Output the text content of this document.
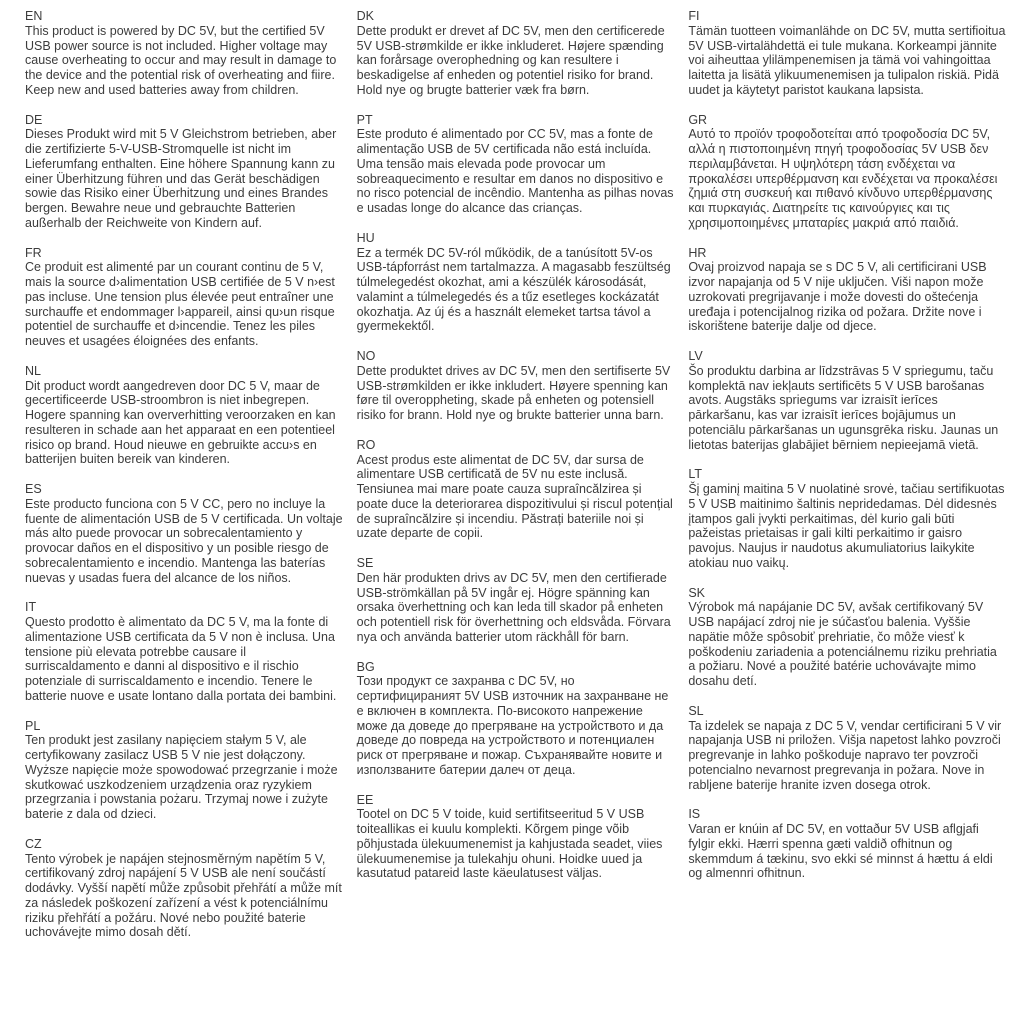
EN

This product is powered by DC 5V, but the certified 5V USB power source is not included. Higher voltage may cause overheating to occur and may result in damage to the device and the potential risk of overheating and fiire. Keep new and used batteries away from children.

DE

Dieses Produkt wird mit 5 V Gleichstrom betrieben, aber die zertifizierte 5-V-USB-Stromquelle ist nicht im Lieferumfang enthalten. Eine höhere Spannung kann zu einer Überhitzung führen und das Gerät beschädigen sowie das Risiko einer Überhitzung und eines Brandes bergen. Bewahre neue und gebrauchte Batterien außerhalb der Reichweite von Kindern auf.

FR

Ce produit est alimenté par un courant continu de 5 V, mais la source d›alimentation USB certifiée de 5 V n›est pas incluse. Une tension plus élevée peut entraîner une surchauffe et endommager l›appareil, ainsi qu›un risque potentiel de surchauffe et d›incendie. Tenez les piles neuves et usagées éloignées des enfants.

NL

Dit product wordt aangedreven door DC 5 V, maar de gecertificeerde USB-stroombron is niet inbegrepen. Hogere spanning kan oververhitting veroorzaken en kan resulteren in schade aan het apparaat en een potentieel risico op brand. Houd nieuwe en gebruikte accu›s en batterijen buiten bereik van kinderen.

ES

Este producto funciona con 5 V CC, pero no incluye la fuente de alimentación USB de 5 V certificada. Un voltaje más alto puede provocar un sobrecalentamiento y provocar daños en el dispositivo y un posible riesgo de sobrecalentamiento e incendio. Mantenga las baterías nuevas y usadas fuera del alcance de los niños.

IT

Questo prodotto è alimentato da DC 5 V, ma la fonte di alimentazione USB certificata da 5 V non è inclusa. Una tensione più elevata potrebbe causare il surriscaldamento e danni al dispositivo e il rischio potenziale di surriscaldamento e incendio. Tenere le batterie nuove e usate lontano dalla portata dei bambini.

PL

Ten produkt jest zasilany napięciem stałym 5 V, ale certyfikowany zasilacz USB 5 V nie jest dołączony. Wyższe napięcie może spowodować przegrzanie i może skutkować uszkodzeniem urządzenia oraz ryzykiem przegrzania i powstania pożaru. Trzymaj nowe i zużyte baterie z dala od dzieci.

CZ

Tento výrobek je napájen stejnosměrným napětím 5 V, certifikovaný zdroj napájení 5 V USB ale není součástí dodávky. Vyšší napětí může způsobit přehřátí a může mít za následek poškození zařízení a vést k potenciálnímu riziku přehřátí a požáru. Nové nebo použité baterie uchovávejte mimo dosah dětí.

DK

Dette produkt er drevet af DC 5V, men den certificerede 5V USB-strømkilde er ikke inkluderet. Højere spænding kan forårsage overophedning og kan resultere i beskadigelse af enheden og potentiel risiko for brand. Hold nye og brugte batterier væk fra børn.

PT

Este produto é alimentado por CC 5V, mas a fonte de alimentação USB de 5V certificada não está incluída. Uma tensão mais elevada pode provocar um sobreaquecimento e resultar em danos no dispositivo e no risco potencial de incêndio. Mantenha as pilhas novas e usadas longe do alcance das crianças.

HU

Ez a termék DC 5V-ról működik, de a tanúsított 5V-os USB-tápforrást nem tartalmazza. A magasabb feszültség túlmelegedést okozhat, ami a készülék károsodását, valamint a túlmelegedés és a tűz esetleges kockázatát okozhatja. Az új és a használt elemeket tartsa távol a gyermekektől.

NO

Dette produktet drives av DC 5V, men den sertifiserte 5V USB-strømkilden er ikke inkludert. Høyere spenning kan føre til overoppheting, skade på enheten og potensiell risiko for brann. Hold nye og brukte batterier unna barn.

RO

Acest produs este alimentat de DC 5V, dar sursa de alimentare USB certificată de 5V nu este inclusă. Tensiunea mai mare poate cauza supraîncălzirea și poate duce la deteriorarea dispozitivului și riscul potențial de supraîncălzire și incendiu. Păstrați bateriile noi și uzate departe de copii.

SE

Den här produkten drivs av DC 5V, men den certifierade USB-strömkällan på 5V ingår ej. Högre spänning kan orsaka överhettning och kan leda till skador på enheten och potentiell risk för överhettning och eldsvåda. Förvara nya och använda batterier utom räckhåll för barn.

BG

Този продукт се захранва с DC 5V, но сертифицираният 5V USB източник на захранване не е включен в комплекта. По-високото напрежение може да доведе до прегряване на устройството и да доведе до повреда на устройството и потенциален риск от прегряване и пожар. Съхранявайте новите и използваните батерии далеч от деца.

EE

Tootel on DC 5 V toide, kuid sertifitseeritud 5 V USB toiteallikas ei kuulu komplekti. Kõrgem pinge võib põhjustada ülekuumenemist ja kahjustada seadet, viies ülekuumenemise ja tulekahju ohuni. Hoidke uued ja kasutatud patareid laste käeulatusest väljas.

FI

Tämän tuotteen voimanlähde on DC 5V, mutta sertifioitua 5V USB-virtalähdettä ei tule mukana. Korkeampi jännite voi aiheuttaa ylilämpenemisen ja tämä voi vahingoittaa laitetta ja lisätä ylikuumenemisen ja tulipalon riskiä. Pidä uudet ja käytetyt paristot kaukana lapsista.

GR

Αυτό το προϊόν τροφοδοτείται από τροφοδοσία DC 5V, αλλά η πιστοποιημένη πηγή τροφοδοσίας 5V USB δεν περιλαμβάνεται. Η υψηλότερη τάση ενδέχεται να προκαλέσει υπερθέρμανση και ενδέχεται να προκαλέσει ζημιά στη συσκευή και πιθανό κίνδυνο υπερθέρμανσης και πυρκαγιάς. Διατηρείτε τις καινούργιες και τις χρησιμοποιημένες μπαταρίες μακριά από παιδιά.

HR

Ovaj proizvod napaja se s DC 5 V, ali certificirani USB izvor napajanja od 5 V nije uključen. Viši napon može uzrokovati pregrijavanje i može dovesti do oštećenja uređaja i potencijalnog rizika od požara. Držite nove i iskorištene baterije dalje od djece.

LV

Šo produktu darbina ar līdzstrāvas 5 V spriegumu, taču komplektā nav iekļauts sertificēts 5 V USB barošanas avots. Augstāks spriegums var izraisīt ierīces pārkaršanu, kas var izraisīt ierīces bojājumus un potenciālu pārkaršanas un ugunsgrēka risku. Jaunas un lietotas baterijas glabājiet bērniem nepieejamā vietā.

LT

Šį gaminį maitina 5 V nuolatinė srovė, tačiau sertifikuotas 5 V USB maitinimo šaltinis nepridedamas. Dėl didesnės įtampos gali įvykti perkaitimas, dėl kurio gali būti pažeistas prietaisas ir gali kilti perkaitimo ir gaisro pavojus. Naujus ir naudotus akumuliatorius laikykite atokiau nuo vaikų.

SK

Výrobok má napájanie DC 5V, avšak certifikovaný 5V USB napájací zdroj nie je súčasťou balenia. Vyššie napätie môže spôsobiť prehriatie, čo môže viesť k poškodeniu zariadenia a potenciálnemu riziku prehriatia a požiaru. Nové a použité batérie uchovávajte mimo dosahu detí.

SL

Ta izdelek se napaja z DC 5 V, vendar certificirani 5 V vir napajanja USB ni priložen. Višja napetost lahko povzroči pregrevanje in lahko poškoduje napravo ter povzroči potencialno nevarnost pregrevanja in požara. Nove in rabljene baterije hranite izven dosega otrok.

IS

Varan er knúin af DC 5V, en vottaður 5V USB aflgjafi fylgir ekki. Hærri spenna gæti valdið ofhitnun og skemmdum á tækinu, svo ekki sé minnst á hættu á eldi og almennri ofhitnun.
